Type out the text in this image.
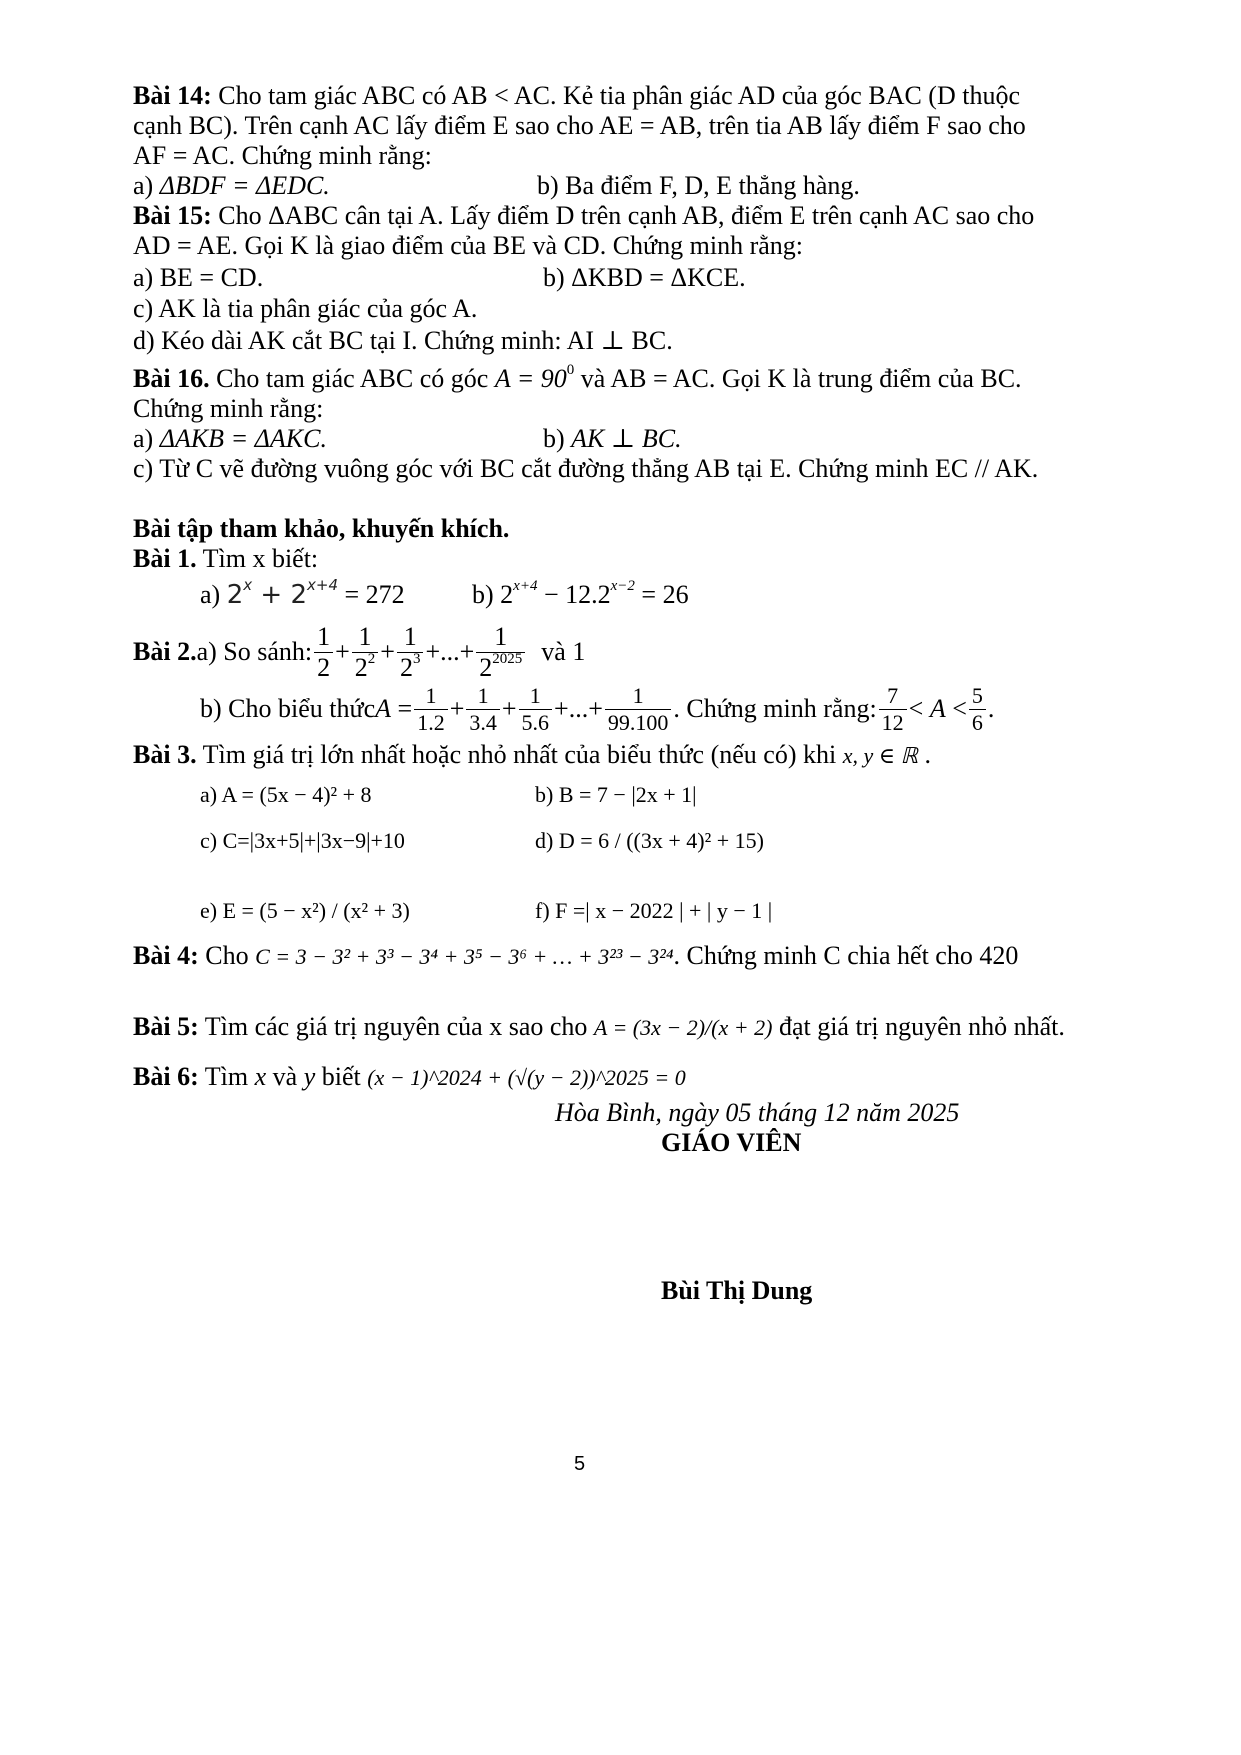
Bài 14: Cho tam giác ABC có AB < AC. Kẻ tia phân giác AD của góc BAC (D thuộc
cạnh BC). Trên cạnh AC lấy điểm E sao cho AE = AB, trên tia AB lấy điểm F sao cho
AF = AC. Chứng minh rằng:
a) ΔBDF = ΔEDC.	b) Ba điểm F, D, E thẳng hàng.
Bài 15: Cho ΔABC cân tại A. Lấy điểm D trên cạnh AB, điểm E trên cạnh AC sao cho
AD = AE. Gọi K là giao điểm của BE và CD. Chứng minh rằng:
a) BE = CD.	b) ΔKBD = ΔKCE.
c) AK là tia phân giác của góc A.
d) Kéo dài AK cắt BC tại I. Chứng minh: AI ⊥ BC.
Bài 16. Cho tam giác ABC có góc $A = 90^0$ và AB = AC. Gọi K là trung điểm của BC.
Chứng minh rằng:
a) ΔAKB = ΔAKC.	b) AK ⊥ BC.
c) Từ C vẽ đường vuông góc với BC cắt đường thẳng AB tại E. Chứng minh EC // AK.
Bài tập tham khảo, khuyến khích.
Bài 1. Tìm x biết:
a) $2^x + 2^{x+4} = 272$	b) $2^{x+4} - 12.2^{x-2} = 26$
Bài 2. a) So sánh:
1
2
+
1
$2^2$ +
1
$2^3$ +...+
1
$2^{2025}$ và 1
b) Cho biểu thức A = 1
1.2 + 1
3.4 + 1
5.6 +...+	1
99.100 . Chứng minh rằng: 7
12 < A < 5
6 .
Bài 3. Tìm giá trị lớn nhất hoặc nhỏ nhất của biểu thức (nếu có) khi x, y ∈ ℝ .
a) A = (5x − 4)² + 8	b) B = 7 − |2x + 1|
c) C=|3x+5|+|3x−9|+10	d) D = 6 / ((3x + 4)² + 15)
e) E = (5 − x²) / (x² + 3)	f) F =| x − 2022 | + | y − 1 |
Bài 4: Cho C = 3 − 3² + 3³ − 3⁴ + 3⁵ − 3⁶ + … + 3²³ − 3²⁴. Chứng minh C chia hết cho 420
Bài 5: Tìm các giá trị nguyên của x sao cho A = (3x − 2)/(x + 2) đạt giá trị nguyên nhỏ nhất.
Bài 6: Tìm x và y biết (x − 1)^2024 + (√(y − 2))^2025 = 0
Hòa Bình, ngày 05 tháng 12 năm 2025
GIÁO VIÊN
Bùi Thị Dung
5
